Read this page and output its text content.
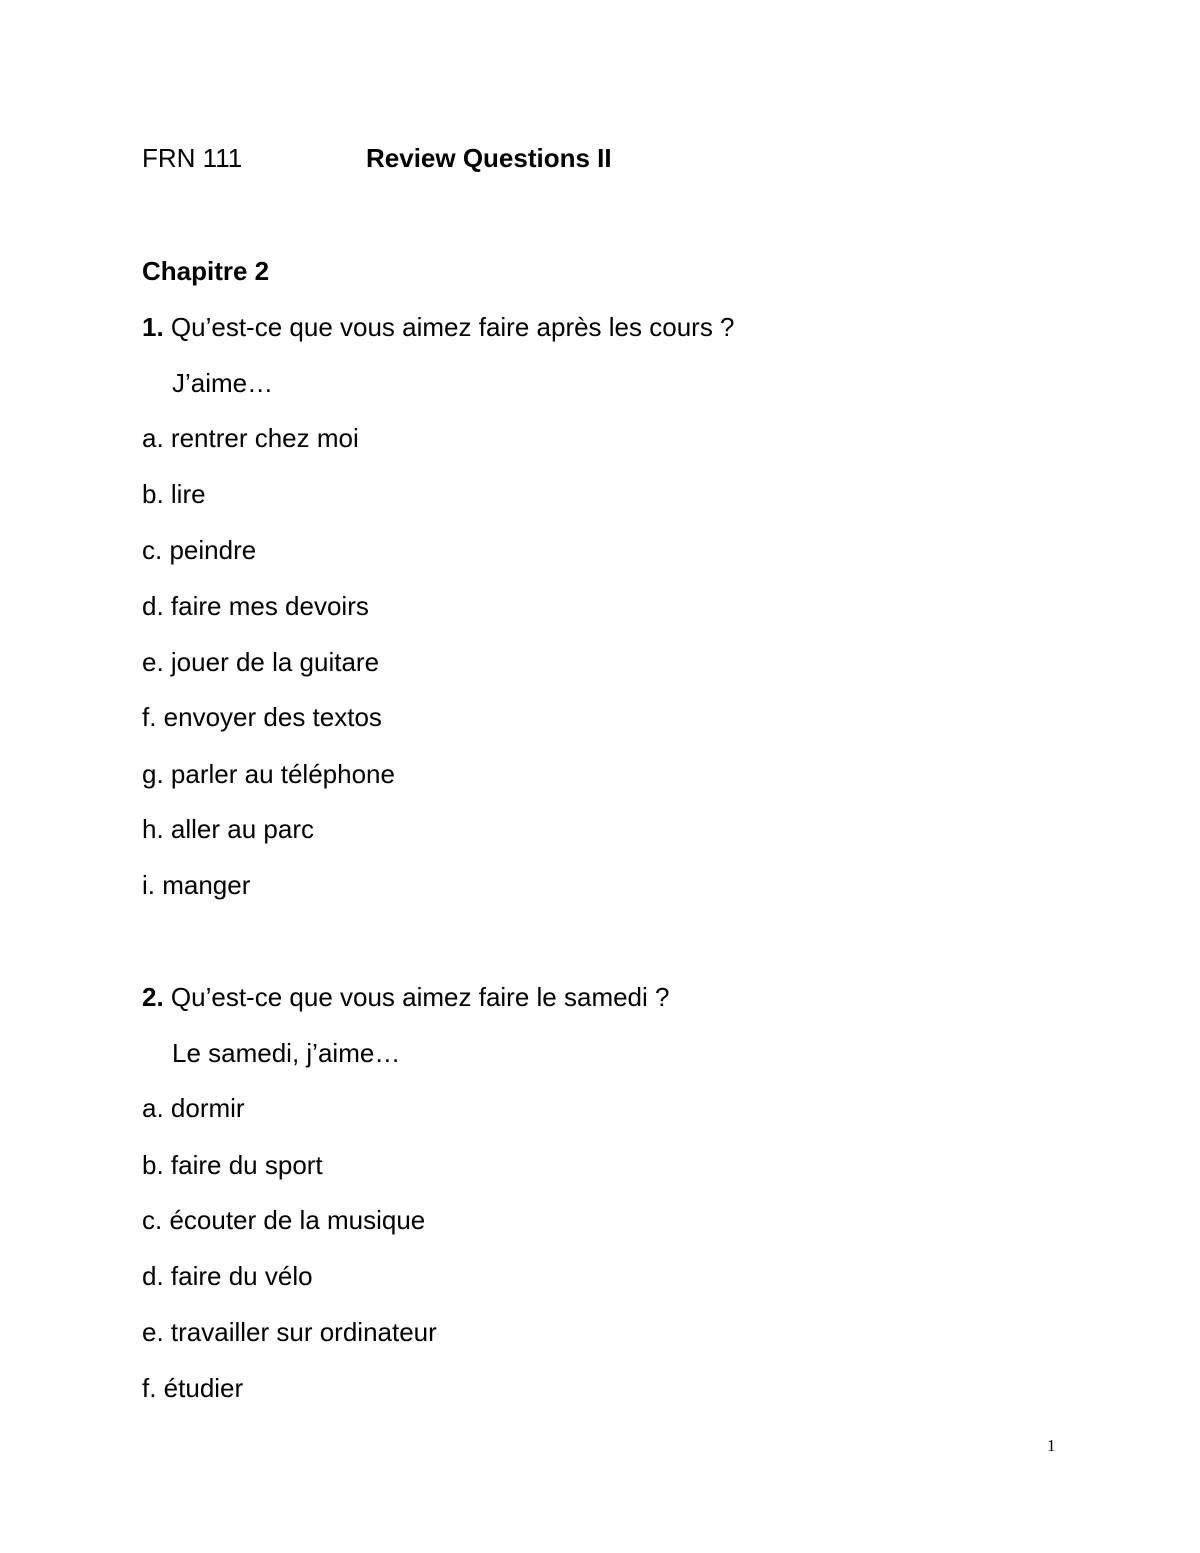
FRN 111	Review Questions II
Chapitre 2
1. Qu’est-ce que vous aimez faire après les cours ?
J’aime…
a. rentrer chez moi
b. lire
c. peindre
d. faire mes devoirs
e. jouer de la guitare
f. envoyer des textos
g. parler au téléphone
h. aller au parc
i. manger
2. Qu’est-ce que vous aimez faire le samedi ?
Le samedi, j’aime…
a. dormir
b. faire du sport
c. écouter de la musique
d. faire du vélo
e. travailler sur ordinateur
f. étudier
1
